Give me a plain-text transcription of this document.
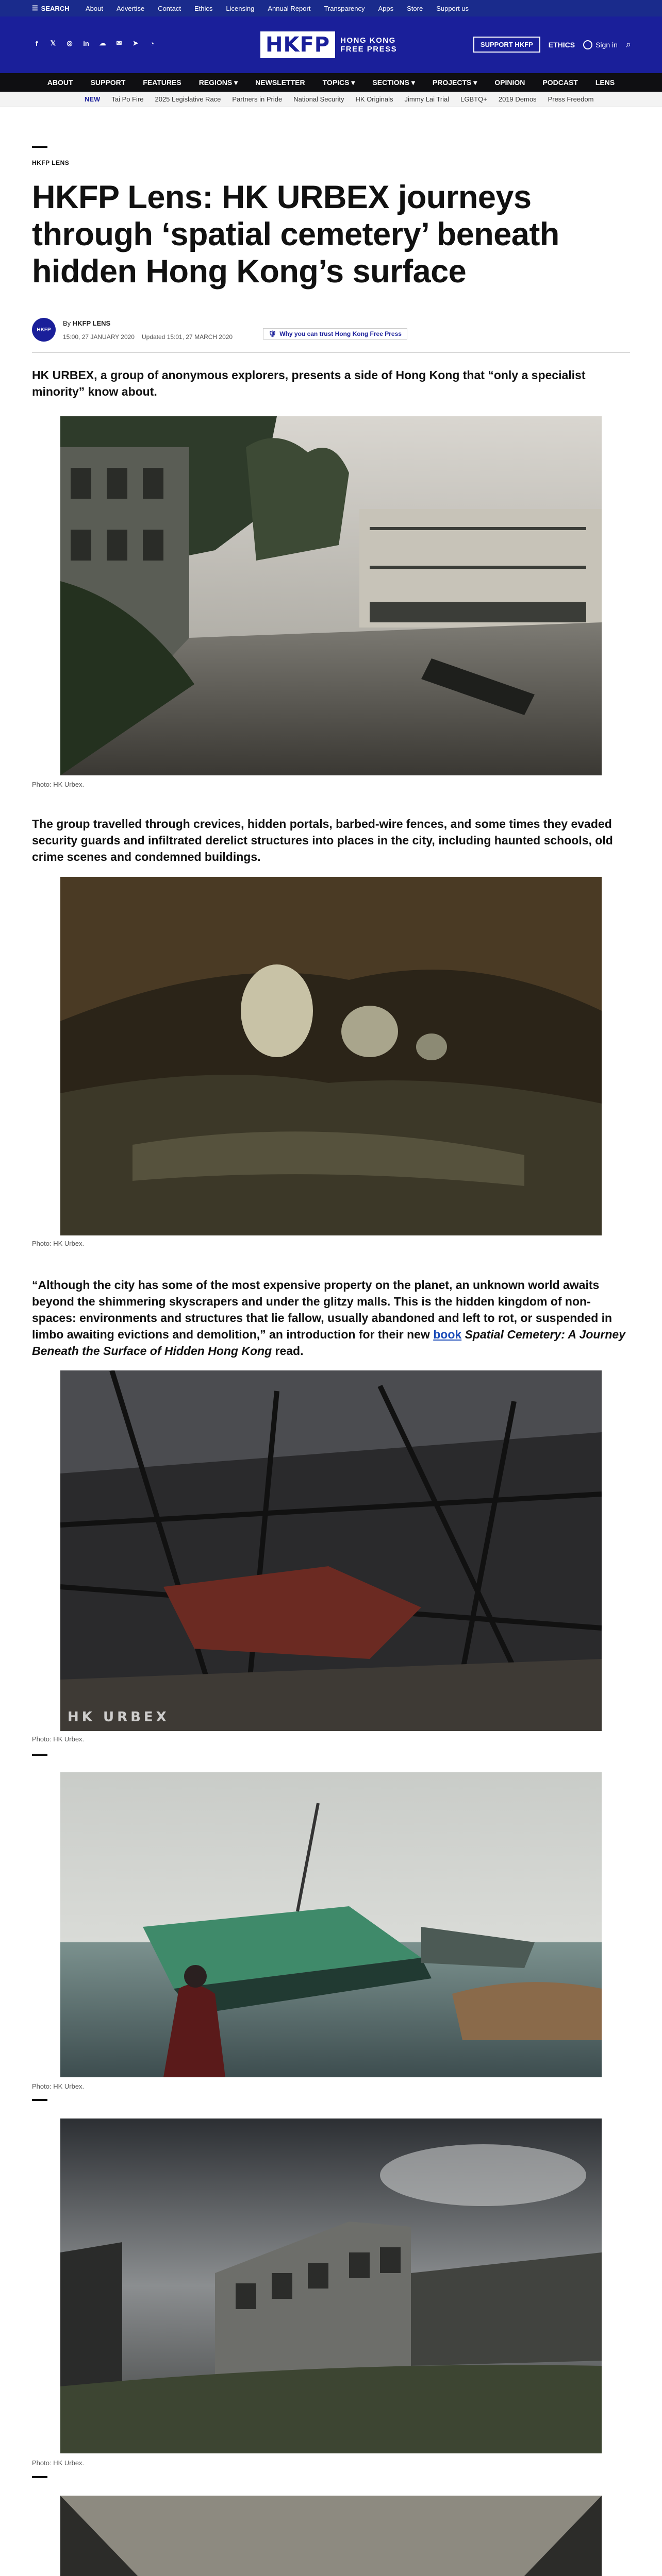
☰ SEARCH About Advertise Contact Ethics Licensing Annual Report Transparency Apps Store Support us
f	𝕏 ◎ in ☁ ✉ ➤	◔	HKFP	HONG KONG
FREE PRESS
SUPPORT HKFP	ETHICS	Sign in ⌕
ABOUT SUPPORT FEATURES REGIONS ▾ NEWSLETTER TOPICS ▾ SECTIONS ▾ PROJECTS ▾ OPINION PODCAST LENS
NEW Tai Po Fire 2025 Legislative Race Partners in Pride National Security HK Originals Jimmy Lai Trial LGBTQ+ 2019 Demos Press Freedom
HKFP LENS
HKFP Lens: HK URBEX journeys through ‘spatial cemetery’ beneath hidden Hong Kong’s surface
HKFP
By HKFP LENS
15:00, 27 JANUARY 2020 Updated 15:01, 27 MARCH 2020	🛡 Why you can trust Hong Kong Free Press

HK URBEX, a group of anonymous explorers, presents a side of Hong Kong that “only a specialist minority” know about.

Photo: HK Urbex.

The group travelled through crevices, hidden portals, barbed-wire fences, and some times they evaded security guards and infiltrated derelict structures into places in the city, including haunted schools, old crime scenes and condemned buildings.

Photo: HK Urbex.

“Although the city has some of the most expensive property on the planet, an unknown world awaits beyond the shimmering skyscrapers and under the glitzy malls. This is the hidden kingdom of non-spaces: environments and structures that lie fallow, usually abandoned and left to rot, or suspended in limbo awaiting evictions and demolition,” an introduction for their new book Spatial Cemetery: A Journey Beneath the Surface of Hidden Hong Kong read.

HK URBEX
Photo: HK Urbex.
Photo: HK Urbex.
Photo: HK Urbex.
